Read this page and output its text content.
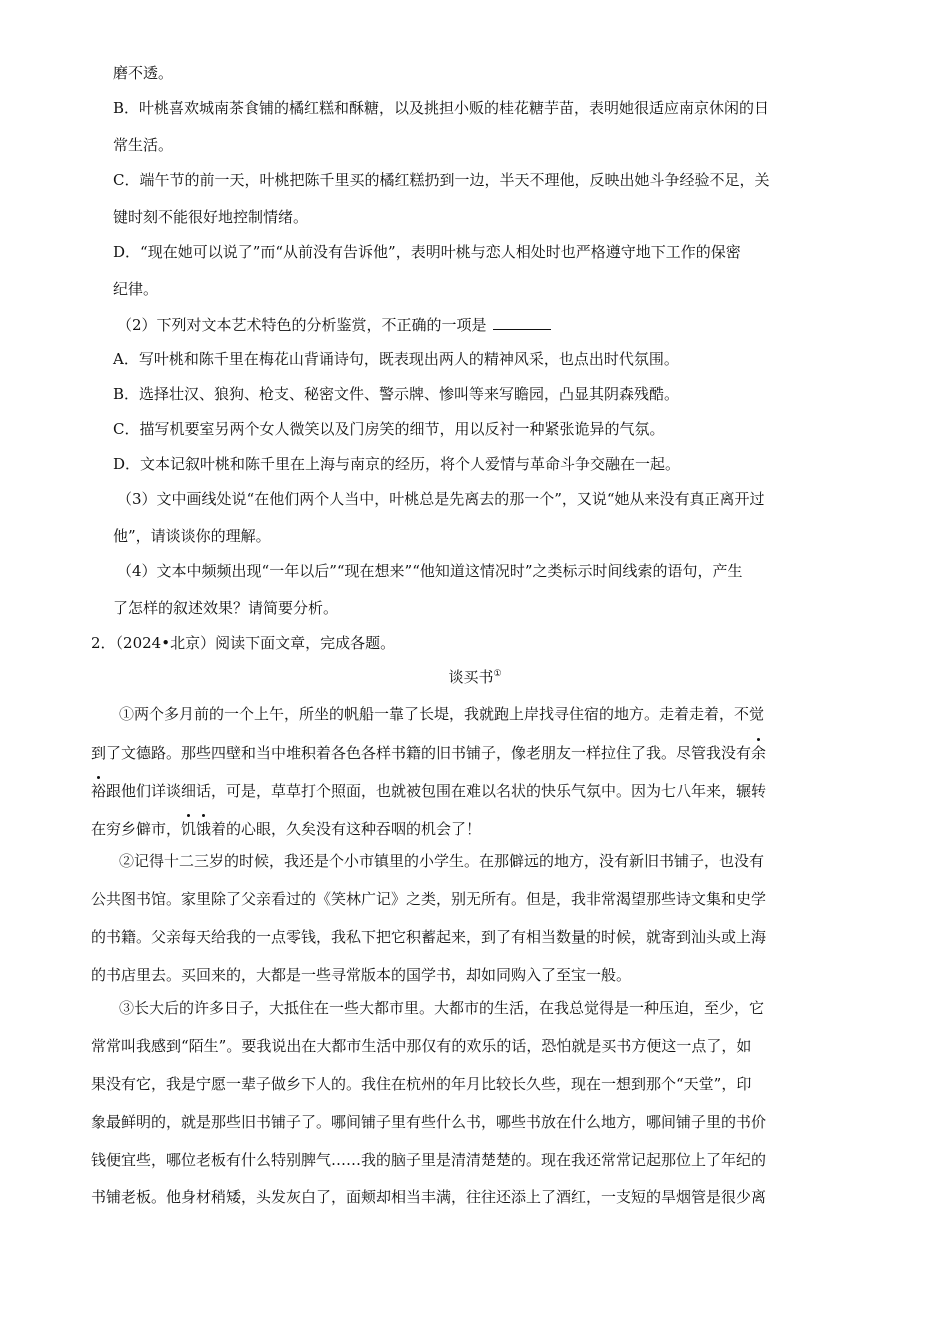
磨不透。
B．叶桃喜欢城南茶食铺的橘红糕和酥糖，以及挑担小贩的桂花糖芋苗，表明她很适应南京休闲的日
常生活。
C．端午节的前一天，叶桃把陈千里买的橘红糕扔到一边，半天不理他，反映出她斗争经验不足，关
键时刻不能很好地控制情绪。
D．“现在她可以说了”而“从前没有告诉他”，表明叶桃与恋人相处时也严格遵守地下工作的保密
纪律。
（2）下列对文本艺术特色的分析鉴赏，不正确的一项是
A．写叶桃和陈千里在梅花山背诵诗句，既表现出两人的精神风采，也点出时代氛围。
B．选择壮汉、狼狗、枪支、秘密文件、警示牌、惨叫等来写瞻园，凸显其阴森残酷。
C．描写机要室另两个女人微笑以及门房笑的细节，用以反衬一种紧张诡异的气氛。
D．文本记叙叶桃和陈千里在上海与南京的经历，将个人爱情与革命斗争交融在一起。
（3）文中画线处说“在他们两个人当中，叶桃总是先离去的那一个”，又说“她从来没有真正离开过
他”，请谈谈你的理解。
（4）文本中频频出现“一年以后”“现在想来”“他知道这情况时”之类标示时间线索的语句，产生
了怎样的叙述效果？请简要分析。
2．（2024•北京）阅读下面文章，完成各题。
谈买书①
①两个多月前的一个上午，所坐的帆船一靠了长堤，我就跑上岸找寻住宿的地方。走着走着，不觉
到了文德路。那些四壁和当中堆积着各色各样书籍的旧书铺子，像老朋友一样拉住了我。尽管我没有余
裕跟他们详谈细话，可是，草草打个照面，也就被包围在难以名状的快乐气氛中。因为七八年来，辗转
在穷乡僻市，饥饿着的心眼，久矣没有这种吞咽的机会了！
②记得十二三岁的时候，我还是个小市镇里的小学生。在那僻远的地方，没有新旧书铺子，也没有
公共图书馆。家里除了父亲看过的《笑林广记》之类，别无所有。但是，我非常渴望那些诗文集和史学
的书籍。父亲每天给我的一点零钱，我私下把它积蓄起来，到了有相当数量的时候，就寄到汕头或上海
的书店里去。买回来的，大都是一些寻常版本的国学书，却如同购入了至宝一般。
③长大后的许多日子，大抵住在一些大都市里。大都市的生活，在我总觉得是一种压迫，至少，它
常常叫我感到“陌生”。要我说出在大都市生活中那仅有的欢乐的话，恐怕就是买书方便这一点了，如
果没有它，我是宁愿一辈子做乡下人的。我住在杭州的年月比较长久些，现在一想到那个“天堂”，印
象最鲜明的，就是那些旧书铺子了。哪间铺子里有些什么书，哪些书放在什么地方，哪间铺子里的书价
钱便宜些，哪位老板有什么特别脾气……我的脑子里是清清楚楚的。现在我还常常记起那位上了年纪的
书铺老板。他身材稍矮，头发灰白了，面颊却相当丰满，往往还添上了酒红，一支短的旱烟管是很少离
